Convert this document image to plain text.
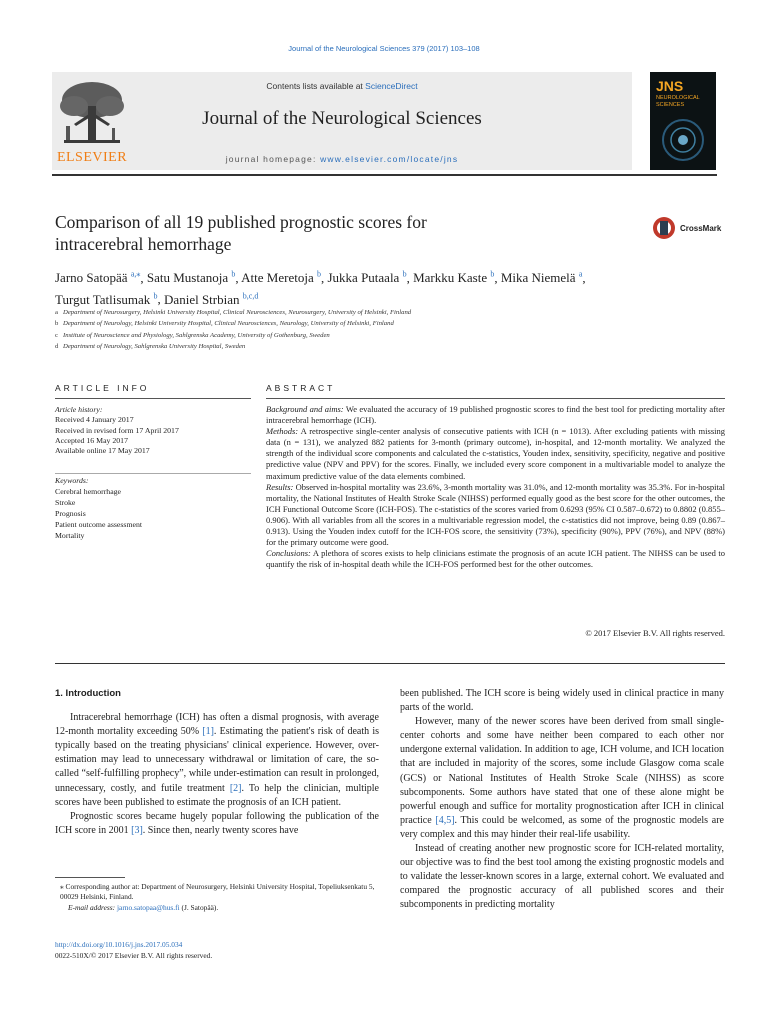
Journal of the Neurological Sciences 379 (2017) 103–108
ELSEVIER
Contents lists available at ScienceDirect
Journal of the Neurological Sciences
journal homepage: www.elsevier.com/locate/jns
JNS
NEUROLOGICAL SCIENCES
Comparison of all 19 published prognostic scores for
intracerebral hemorrhage
CrossMark
Jarno Satopää $^{a,⁎}$, Satu Mustanoja $^b$, Atte Meretoja $^b$, Jukka Putaala $^b$, Markku Kaste $^b$, Mika Niemelä $^a$,
Turgut Tatlisumak $^b$, Daniel Strbian $^{b,c,d}$
a Department of Neurosurgery, Helsinki University Hospital, Clinical Neurosciences, Neurosurgery, University of Helsinki, Finland
b Department of Neurology, Helsinki University Hospital, Clinical Neurosciences, Neurology, University of Helsinki, Finland
c Institute of Neuroscience and Physiology, Sahlgrenska Academy, University of Gothenburg, Sweden
d Department of Neurology, Sahlgrenska University Hospital, Sweden
ARTICLE INFO
Article history:
Received 4 January 2017
Received in revised form 17 April 2017
Accepted 16 May 2017
Available online 17 May 2017
Keywords:
Cerebral hemorrhage
Stroke
Prognosis
Patient outcome assessment
Mortality
ABSTRACT

Background and aims: We evaluated the accuracy of 19 published prognostic scores to find the best tool for predicting mortality after intracerebral hemorrhage (ICH).

Methods: A retrospective single-center analysis of consecutive patients with ICH (n = 1013). After excluding patients with missing data (n = 131), we analyzed 882 patients for 3-month (primary outcome), in-hospital, and 12-month mortality. We analyzed the strength of the individual score components and calculated the c-statistics, Youden index, sensitivity, specificity, negative and positive predictive value (NPV and PPV) for the scores. Finally, we included every score component in a multivariable model to analyze the maximum predictive value of the data elements combined.

Results: Observed in-hospital mortality was 23.6%, 3-month mortality was 31.0%, and 12-month mortality was 35.3%. For in-hospital mortality, the National Institutes of Health Stroke Scale (NIHSS) performed equally good as the best score for the other outcomes, the ICH Functional Outcome Score (ICH-FOS). The c-statistics of the scores varied from 0.6293 (95% CI 0.587–0.672) to 0.8802 (0.855–0.906). With all variables from all the scores in a multivariable regression model, the c-statistics did not improve, being 0.89 (0.867–0.913). Using the Youden index cutoff for the ICH-FOS score, the sensitivity (73%), specificity (90%), PPV (76%), and NPV (88%) for the primary outcome were good.

Conclusions: A plethora of scores exists to help clinicians estimate the prognosis of an acute ICH patient. The NIHSS can be used to quantify the risk of in-hospital death while the ICH-FOS performed best for the other outcomes.

© 2017 Elsevier B.V. All rights reserved.

1. Introduction

Intracerebral hemorrhage (ICH) has often a dismal prognosis, with average 12-month mortality exceeding 50% [1]. Estimating the patient's risk of death is typically based on the treating physicians' clinical experience. However, over-estimation may lead to unnecessary withdrawal or limitation of care, the so-called “self-fulfilling prophecy”, while under-estimation can result in prolonged, unnecessary, costly, and futile treatment [2]. To help the clinician, multiple scores have been published to estimate the prognosis of an ICH patient.

Prognostic scores became hugely popular following the publication of the ICH score in 2001 [3]. Since then, nearly twenty scores have

been published. The ICH score is being widely used in clinical practice in many parts of the world.

However, many of the newer scores have been derived from small single-center cohorts and some have neither been compared to each other nor undergone external validation. In addition to age, ICH volume, and ICH location that are included in majority of the scores, some include Glasgow coma scale (GCS) or National Institutes of Health Stroke Scale (NIHSS) as score subcomponents. Some authors have stated that one of these alone might be powerful enough and suffice for mortality prognostication after ICH in clinical practice [4,5]. This could be welcomed, as some of the prognostic models are very complex and this may hinder their real-life usability.

Instead of creating another new prognostic score for ICH-related mortality, our objective was to find the best tool among the existing prognostic models and to validate the lesser-known scores in a large, external cohort. We evaluated and compared the prognostic accuracy of all published scores and their subcomponents in predicting mortality

⁎ Corresponding author at: Department of Neurosurgery, Helsinki University Hospital, Topeliuksenkatu 5, 00029 Helsinki, Finland.
E-mail address: jarno.satopaa@hus.fi (J. Satopää).
http://dx.doi.org/10.1016/j.jns.2017.05.034
0022-510X/© 2017 Elsevier B.V. All rights reserved.
